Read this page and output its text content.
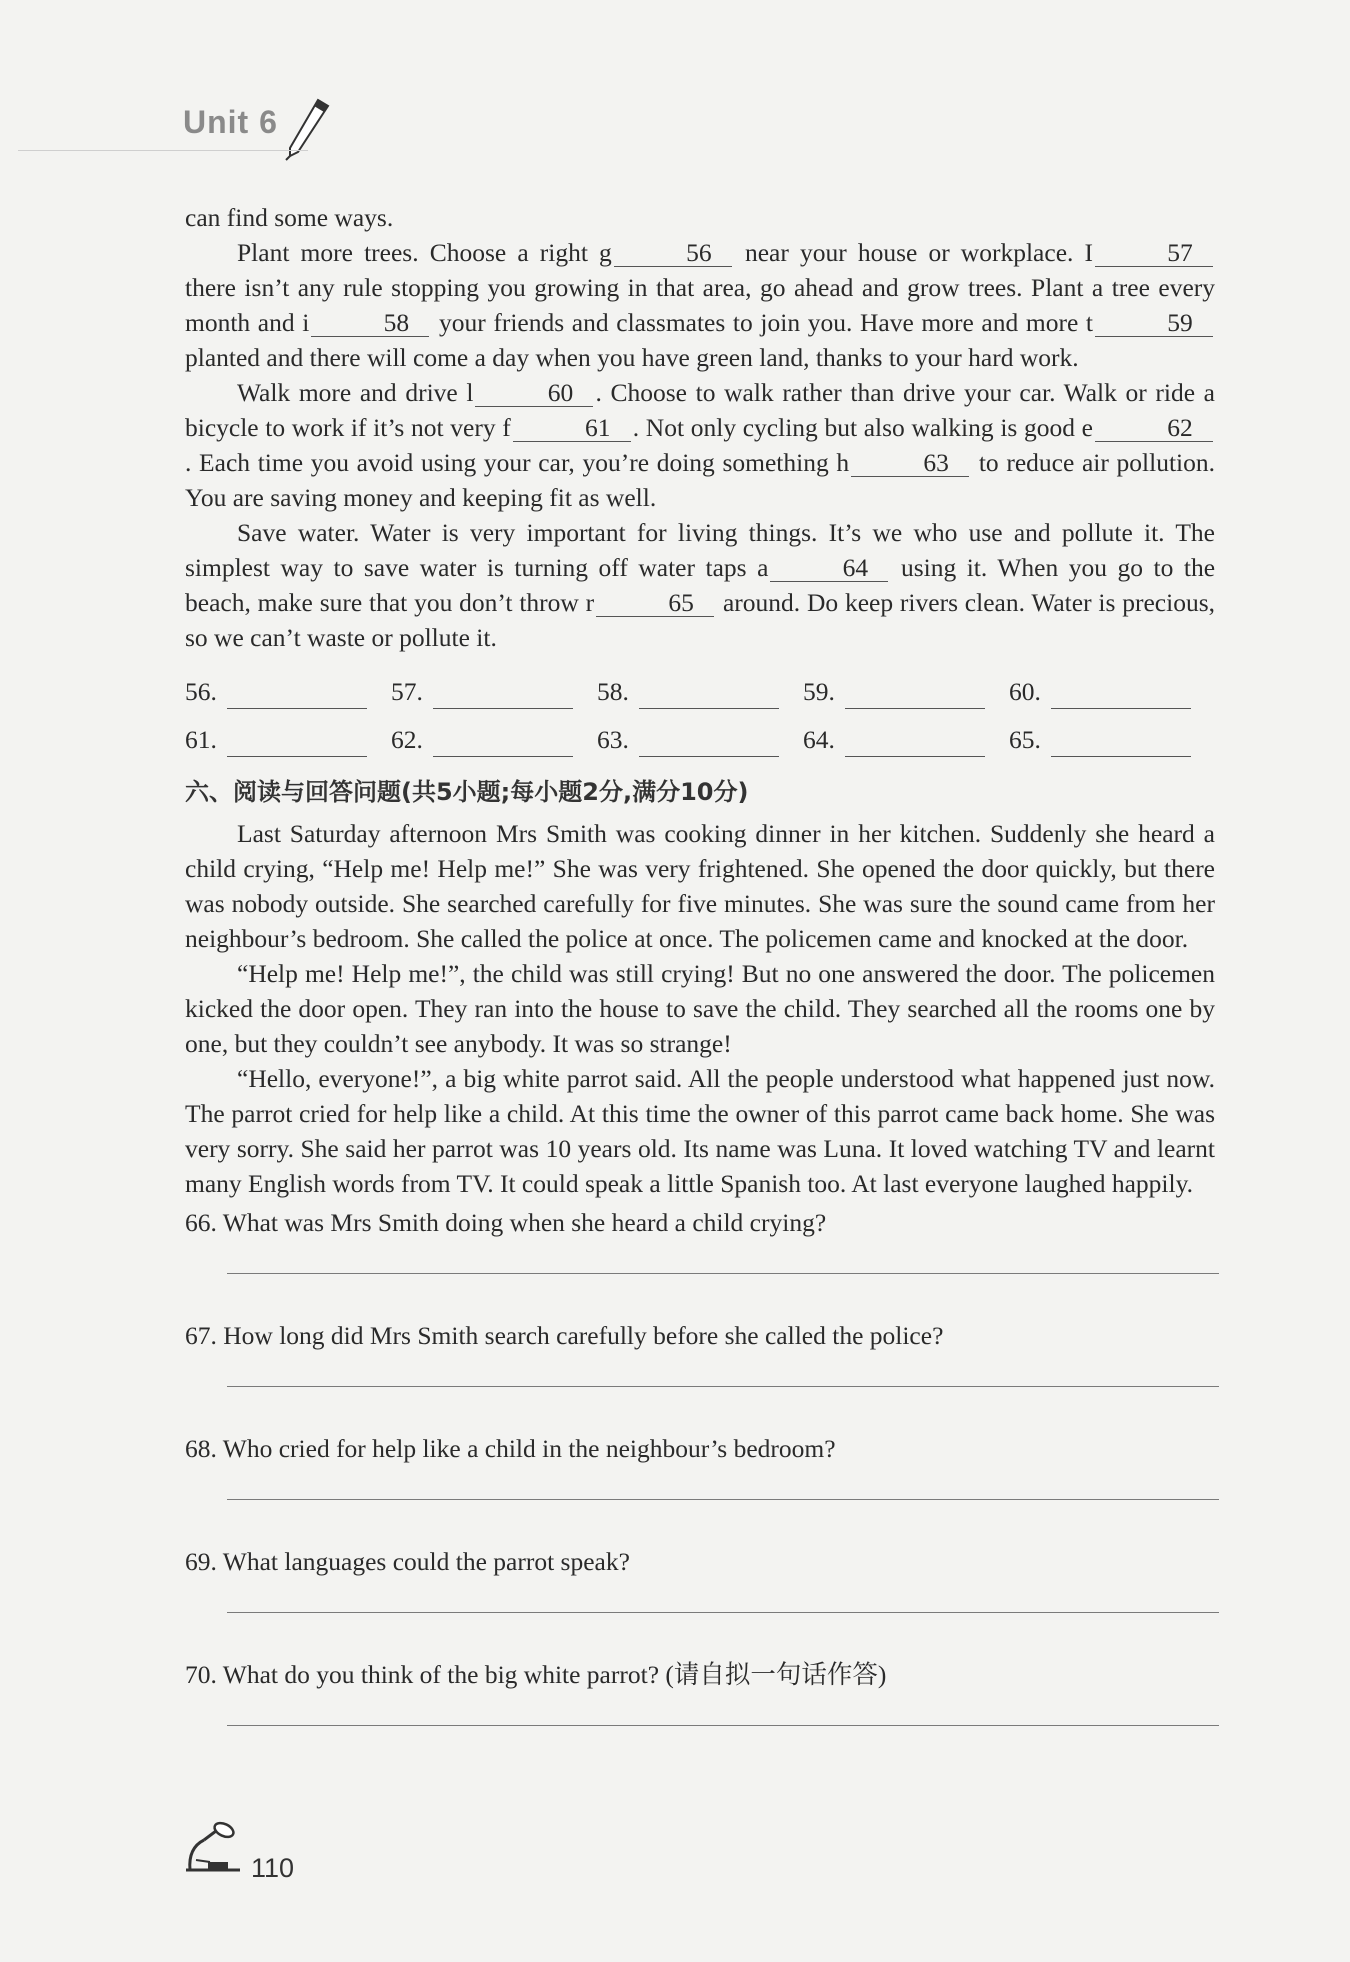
Unit 6

can find some ways.

Plant more trees. Choose a right g	56 near your house or workplace. I	57 there isn’t any rule stopping you growing in that area, go ahead and grow trees. Plant a tree every month and i	58 your friends and classmates to join you. Have more and more t	59 planted and there will come a day when you have green land, thanks to your hard work.

Walk more and drive l	60 . Choose to walk rather than drive your car. Walk or ride a bicycle to work if it’s not very f	61 . Not only cycling but also walking is good e	62. Each time you avoid using your car, you’re doing something h	63 to reduce air pollution. You are saving money and keeping fit as well.

Save water. Water is very important for living things. It’s we who use and pollute it. The simplest way to save water is turning off water taps a	64 using it. When you go to the beach, make sure that you don’t throw r	65 around. Do keep rivers clean. Water is precious, so we can’t waste or pollute it.

56.	57.	58.	59.	60.
61.	62.	63.	64.	65.
六、阅读与回答问题(共5小题;每小题2分,满分10分)

Last Saturday afternoon Mrs Smith was cooking dinner in her kitchen. Suddenly she heard a child crying, “Help me! Help me!” She was very frightened. She opened the door quickly, but there was nobody outside. She searched carefully for five minutes. She was sure the sound came from her neighbour’s bedroom. She called the police at once. The policemen came and knocked at the door.

“Help me! Help me!”, the child was still crying! But no one answered the door. The policemen kicked the door open. They ran into the house to save the child. They searched all the rooms one by one, but they couldn’t see anybody. It was so strange!

“Hello, everyone!”, a big white parrot said. All the people understood what happened just now. The parrot cried for help like a child. At this time the owner of this parrot came back home. She was very sorry. She said her parrot was 10 years old. Its name was Luna. It loved watching TV and learnt many English words from TV. It could speak a little Spanish too. At last everyone laughed happily.

66. What was Mrs Smith doing when she heard a child crying?
67. How long did Mrs Smith search carefully before she called the police?
68. Who cried for help like a child in the neighbour’s bedroom?
69. What languages could the parrot speak?
70. What do you think of the big white parrot? (请自拟一句话作答)
110
